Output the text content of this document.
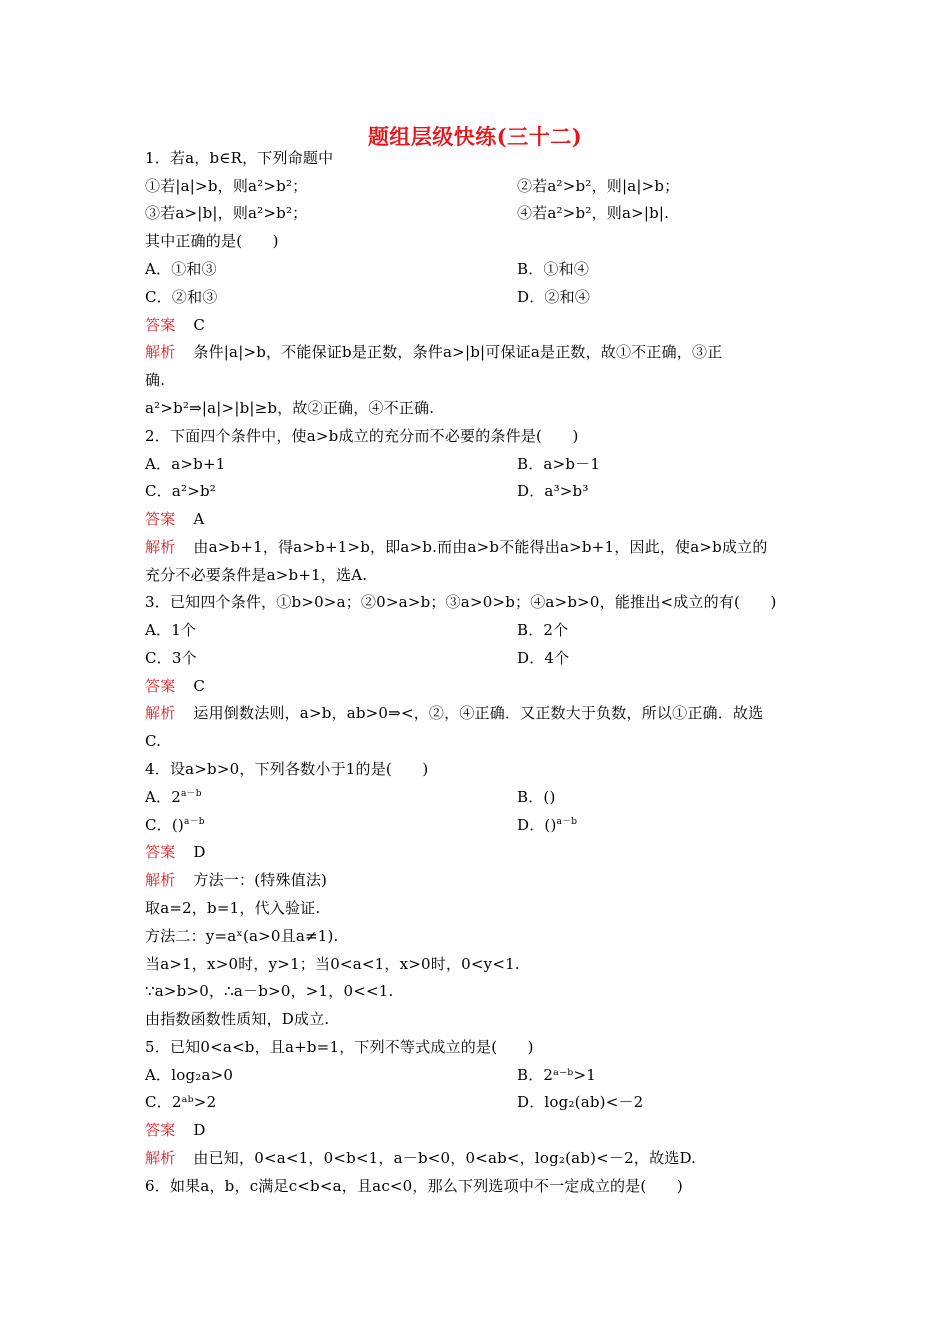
题组层级快练(三十二)
1．若a，b∈R，下列命题中
①若|a|>b，则a²>b²；	②若a²>b²，则|a|>b；
③若a>|b|，则a²>b²；	④若a²>b²，则a>|b|.
其中正确的是(　　)
A．①和③	B．①和④
C．②和③	D．②和④
答案 C
解析 条件|a|>b，不能保证b是正数，条件a>|b|可保证a是正数，故①不正确，③正
确.
a²>b²⇒|a|>|b|≥b，故②正确，④不正确.
2．下面四个条件中，使a>b成立的充分而不必要的条件是(　　)
A．a>b+1	B．a>b－1
C．a²>b²	D．a³>b³
答案 A
解析 由a>b+1，得a>b+1>b，即a>b.而由a>b不能得出a>b+1，因此，使a>b成立的
充分不必要条件是a>b+1，选A.
3．已知四个条件，①b>0>a；②0>a>b；③a>0>b；④a>b>0，能推出<成立的有(　　)
A．1个	B．2个
C．3个	D．4个
答案 C
解析 运用倒数法则，a>b，ab>0⇒<，②，④正确．又正数大于负数，所以①正确．故选
C.
4．设a>b>0，下列各数小于1的是(　　)
A．$2^{a-b}$	B．()
C．()$^{a-b}$	D．()$^{a-b}$
答案 D
解析 方法一：(特殊值法)
取a=2，b=1，代入验证.
方法二：y=aˣ(a>0且a≠1).
当a>1，x>0时，y>1；当0<a<1，x>0时，0<y<1.
∵a>b>0，∴a－b>0，>1，0<<1.
由指数函数性质知，D成立.
5．已知0<a<b，且a+b=1，下列不等式成立的是(　　)
A．log₂a>0	B．2ᵃ⁻ᵇ>1
C．2ᵃᵇ>2	D．log₂(ab)<－2
答案 D
解析 由已知，0<a<1，0<b<1，a－b<0，0<ab<，log₂(ab)<－2，故选D.
6．如果a，b，c满足c<b<a，且ac<0，那么下列选项中不一定成立的是(　　)
